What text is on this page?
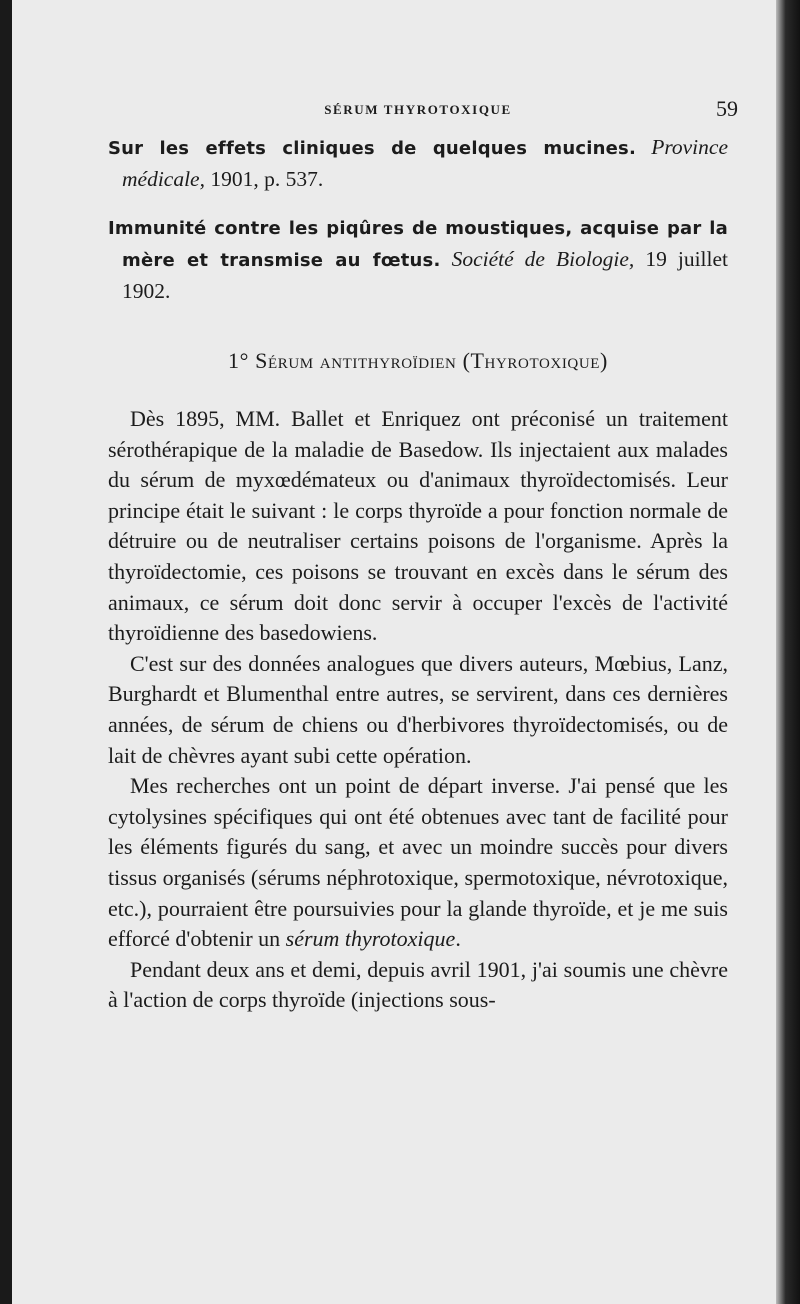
SÉRUM THYROTOXIQUE	59

Sur les effets cliniques de quelques mucines. Province médicale, 1901, p. 537.

Immunité contre les piqûres de moustiques, acquise par la mère et transmise au fœtus. Société de Biologie, 19 juillet 1902.

1° Sérum antithyroïdien (Thyrotoxique)

Dès 1895, MM. Ballet et Enriquez ont préconisé un traitement sérothérapique de la maladie de Basedow. Ils injectaient aux malades du sérum de myxœdémateux ou d'animaux thyroïdectomisés. Leur principe était le suivant : le corps thyroïde a pour fonction normale de détruire ou de neutraliser certains poisons de l'organisme. Après la thyroïdectomie, ces poisons se trouvant en excès dans le sérum des animaux, ce sérum doit donc servir à occuper l'excès de l'activité thyroïdienne des basedowiens.

C'est sur des données analogues que divers auteurs, Mœbius, Lanz, Burghardt et Blumenthal entre autres, se servirent, dans ces dernières années, de sérum de chiens ou d'herbivores thyroïdectomisés, ou de lait de chèvres ayant subi cette opération.

Mes recherches ont un point de départ inverse. J'ai pensé que les cytolysines spécifiques qui ont été obtenues avec tant de facilité pour les éléments figurés du sang, et avec un moindre succès pour divers tissus organisés (sérums néphrotoxique, spermotoxique, névrotoxique, etc.), pourraient être poursuivies pour la glande thyroïde, et je me suis efforcé d'obtenir un sérum thyrotoxique.

Pendant deux ans et demi, depuis avril 1901, j'ai soumis une chèvre à l'action de corps thyroïde (injections sous-
